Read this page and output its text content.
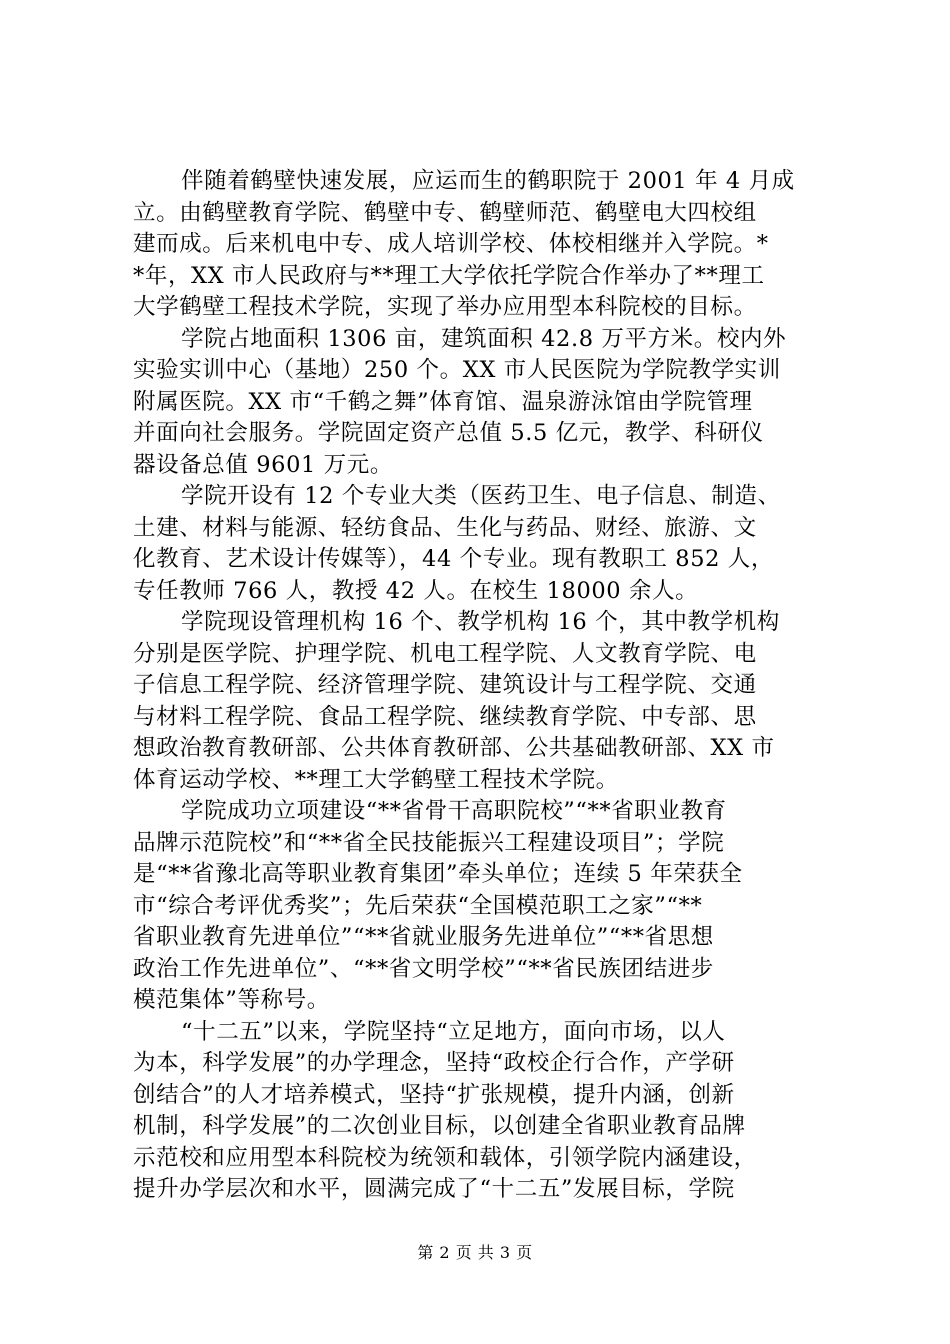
伴随着鹤壁快速发展，应运而生的鹤职院于 2001 年 4 月成
立。由鹤壁教育学院、鹤壁中专、鹤壁师范、鹤壁电大四校组
建而成。后来机电中专、成人培训学校、体校相继并入学院。*
*年，XX 市人民政府与**理工大学依托学院合作举办了**理工
大学鹤壁工程技术学院，实现了举办应用型本科院校的目标。

学院占地面积 1306 亩，建筑面积 42.8 万平方米。校内外
实验实训中心（基地）250 个。XX 市人民医院为学院教学实训
附属医院。XX 市“千鹤之舞”体育馆、温泉游泳馆由学院管理
并面向社会服务。学院固定资产总值 5.5 亿元，教学、科研仪
器设备总值 9601 万元。

学院开设有 12 个专业大类（医药卫生、电子信息、制造、
土建、材料与能源、轻纺食品、生化与药品、财经、旅游、文
化教育、艺术设计传媒等），44 个专业。现有教职工 852 人，
专任教师 766 人，教授 42 人。在校生 18000 余人。

学院现设管理机构 16 个、教学机构 16 个，其中教学机构
分别是医学院、护理学院、机电工程学院、人文教育学院、电
子信息工程学院、经济管理学院、建筑设计与工程学院、交通
与材料工程学院、食品工程学院、继续教育学院、中专部、思
想政治教育教研部、公共体育教研部、公共基础教研部、XX 市
体育运动学校、**理工大学鹤壁工程技术学院。

学院成功立项建设“**省骨干高职院校”“**省职业教育
品牌示范院校”和“**省全民技能振兴工程建设项目”；学院
是“**省豫北高等职业教育集团”牵头单位；连续 5 年荣获全
市“综合考评优秀奖”；先后荣获“全国模范职工之家”“**
省职业教育先进单位”“**省就业服务先进单位”“**省思想
政治工作先进单位”、“**省文明学校”“**省民族团结进步
模范集体”等称号。

“十二五”以来，学院坚持“立足地方，面向市场，以人
为本，科学发展”的办学理念，坚持“政校企行合作，产学研
创结合”的人才培养模式，坚持“扩张规模，提升内涵，创新
机制，科学发展”的二次创业目标，以创建全省职业教育品牌
示范校和应用型本科院校为统领和载体，引领学院内涵建设，
提升办学层次和水平，圆满完成了“十二五”发展目标，学院

第 2 页 共 3 页
